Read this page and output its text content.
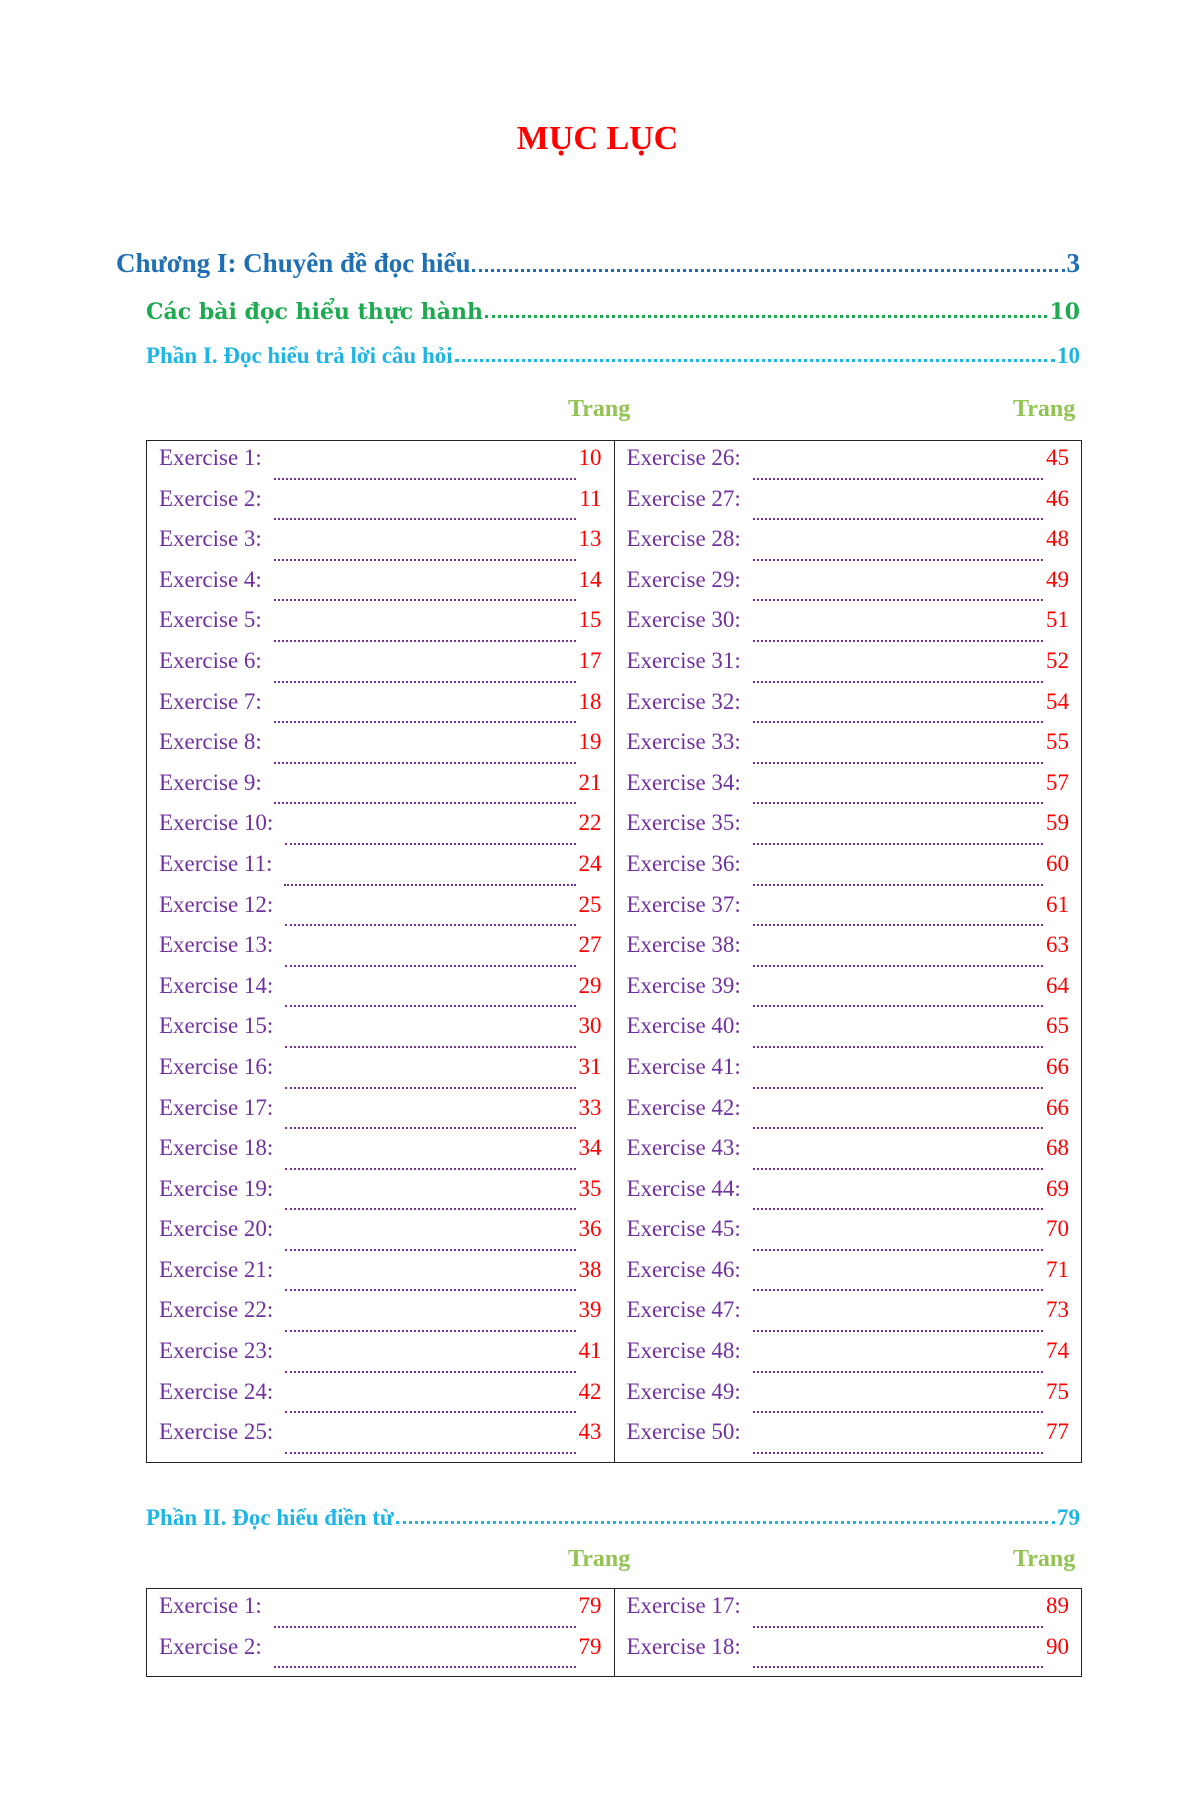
MỤC LỤC
Chương I: Chuyên đề đọc hiểu	3
Các bài đọc hiểu thực hành	10
Phần I. Đọc hiểu trả lời câu hỏi	10
Trang	Trang
Exercise 1:	10
Exercise 2:	11
Exercise 3:	13
Exercise 4:	14
Exercise 5:	15
Exercise 6:	17
Exercise 7:	18
Exercise 8:	19
Exercise 9:	21
Exercise 10:	22
Exercise 11:	24
Exercise 12:	25
Exercise 13:	27
Exercise 14:	29
Exercise 15:	30
Exercise 16:	31
Exercise 17:	33
Exercise 18:	34
Exercise 19:	35
Exercise 20:	36
Exercise 21:	38
Exercise 22:	39
Exercise 23:	41
Exercise 24:	42
Exercise 25:	43

Exercise 26:	45
Exercise 27:	46
Exercise 28:	48
Exercise 29:	49
Exercise 30:	51
Exercise 31:	52
Exercise 32:	54
Exercise 33:	55
Exercise 34:	57
Exercise 35:	59
Exercise 36:	60
Exercise 37:	61
Exercise 38:	63
Exercise 39:	64
Exercise 40:	65
Exercise 41:	66
Exercise 42:	66
Exercise 43:	68
Exercise 44:	69
Exercise 45:	70
Exercise 46:	71
Exercise 47:	73
Exercise 48:	74
Exercise 49:	75
Exercise 50:	77
Phần II. Đọc hiểu điền từ	79
Trang	Trang
Exercise 1:	79
Exercise 2:	79

Exercise 17:	89
Exercise 18:	90
